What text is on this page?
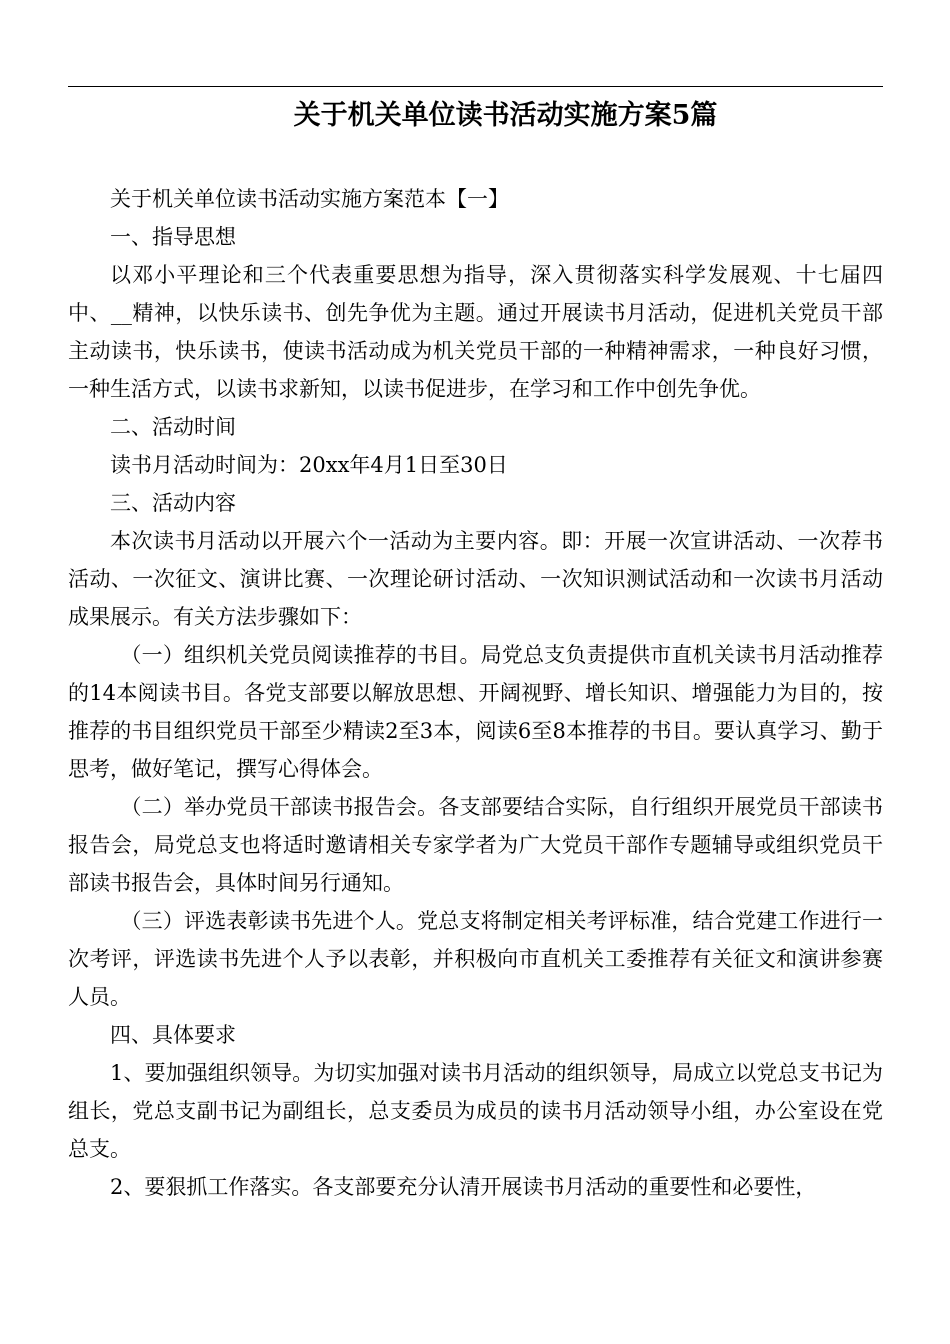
关于机关单位读书活动实施方案5篇

关于机关单位读书活动实施方案范本【一】

一、指导思想

以邓小平理论和三个代表重要思想为指导，深入贯彻落实科学发展观、十七届四中、__精神，以快乐读书、创先争优为主题。通过开展读书月活动，促进机关党员干部主动读书，快乐读书，使读书活动成为机关党员干部的一种精神需求，一种良好习惯，一种生活方式，以读书求新知，以读书促进步，在学习和工作中创先争优。

二、活动时间

读书月活动时间为：20xx年4月1日至30日

三、活动内容

本次读书月活动以开展六个一活动为主要内容。即：开展一次宣讲活动、一次荐书活动、一次征文、演讲比赛、一次理论研讨活动、一次知识测试活动和一次读书月活动成果展示。有关方法步骤如下：

（一）组织机关党员阅读推荐的书目。局党总支负责提供市直机关读书月活动推荐的14本阅读书目。各党支部要以解放思想、开阔视野、增长知识、增强能力为目的，按推荐的书目组织党员干部至少精读2至3本，阅读6至8本推荐的书目。要认真学习、勤于思考，做好笔记，撰写心得体会。

（二）举办党员干部读书报告会。各支部要结合实际，自行组织开展党员干部读书报告会，局党总支也将适时邀请相关专家学者为广大党员干部作专题辅导或组织党员干部读书报告会，具体时间另行通知。

（三）评选表彰读书先进个人。党总支将制定相关考评标准，结合党建工作进行一次考评，评选读书先进个人予以表彰，并积极向市直机关工委推荐有关征文和演讲参赛人员。

四、具体要求

1、要加强组织领导。为切实加强对读书月活动的组织领导，局成立以党总支书记为组长，党总支副书记为副组长，总支委员为成员的读书月活动领导小组，办公室设在党总支。

2、要狠抓工作落实。各支部要充分认清开展读书月活动的重要性和必要性，
